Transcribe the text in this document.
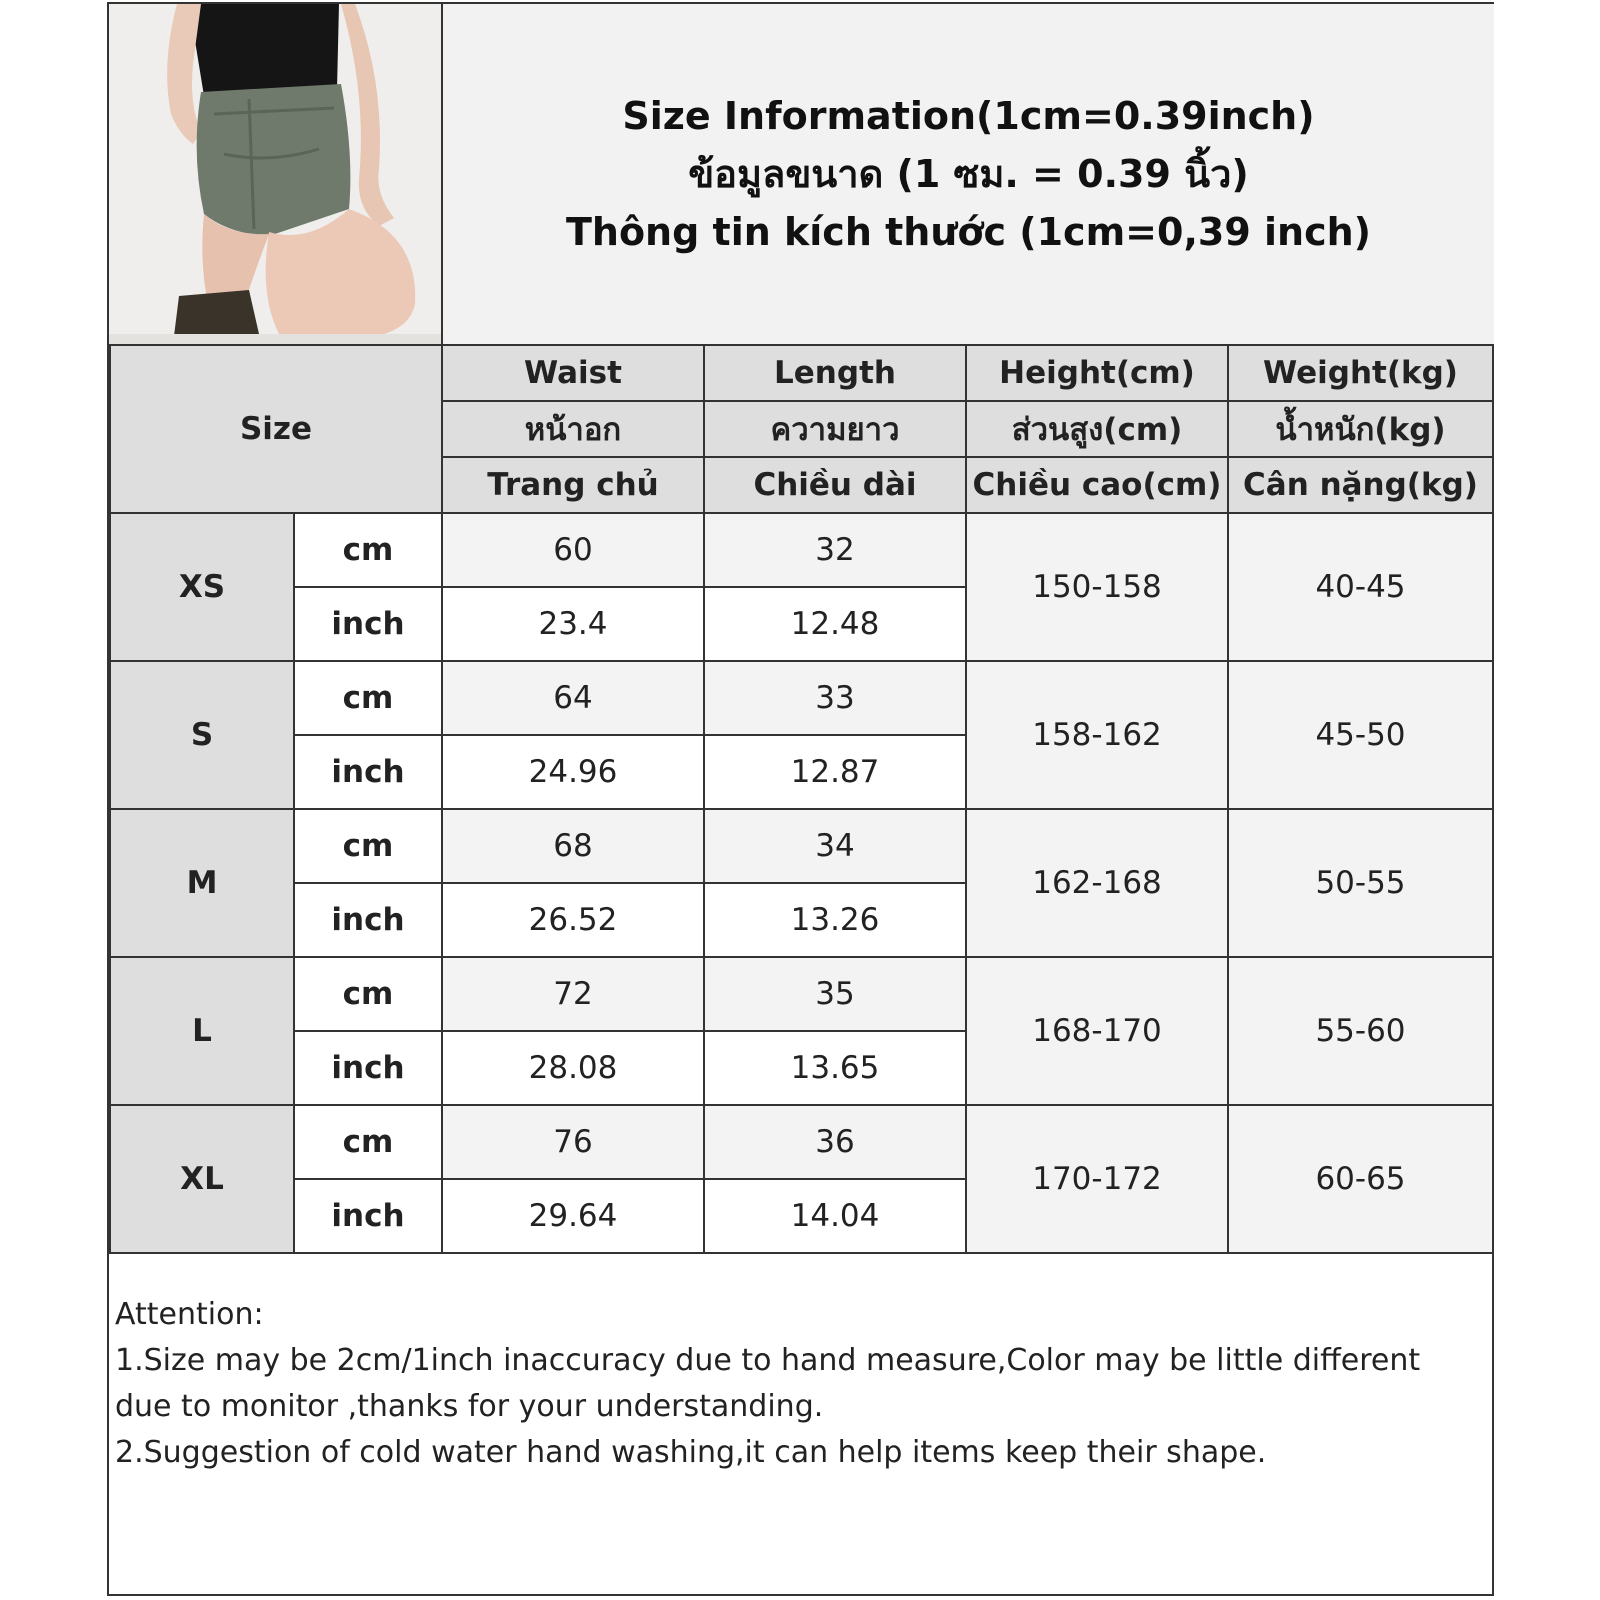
Size Information(1cm=0.39inch)
ข้อมูลขนาด (1 ซม. = 0.39 นิ้ว)
Thông tin kích thước (1cm=0,39 inch)
Size		Waist	Length	Height(cm)	Weight(kg)
		หน้าอก	ความยาว	ส่วนสูง(cm)	น้ำหนัก(kg)
		Trang chủ	Chiều dài	Chiều cao(cm)	Cân nặng(kg)
XS	cm	60	32	150-158	40-45
	inch	23.4	12.48		
S	cm	64	33	158-162	45-50
	inch	24.96	12.87		
M	cm	68	34	162-168	50-55
	inch	26.52	13.26		
L	cm	72	35	168-170	55-60
	inch	28.08	13.65		
XL	cm	76	36	170-172	60-65
	inch	29.64	14.04		
Attention:
1.Size may be 2cm/1inch inaccuracy due to hand measure,Color may be little different due to monitor ,thanks for your understanding.
2.Suggestion of cold water hand washing,it can help items keep their shape.
